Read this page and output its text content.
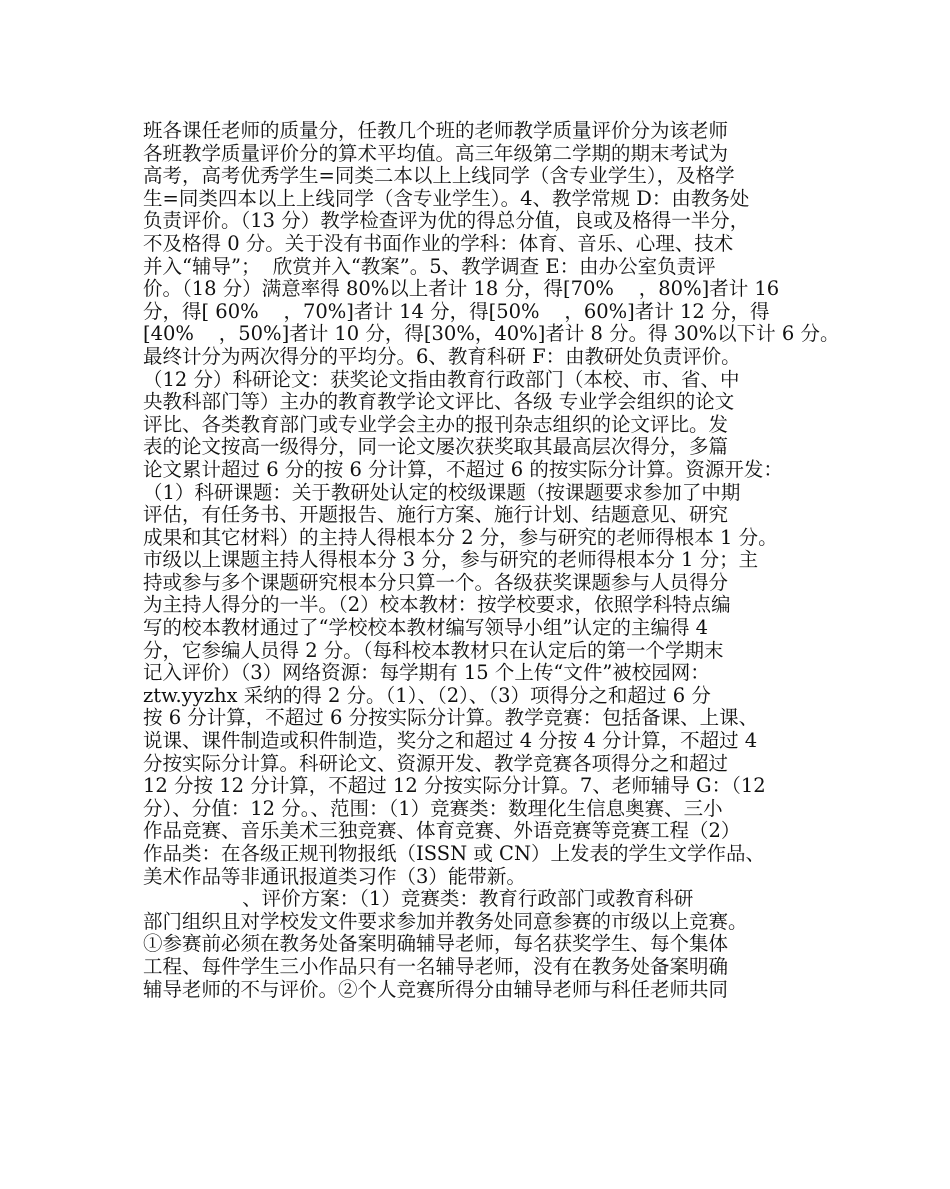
班各课任老师的质量分，任教几个班的老师教学质量评价分为该老师
各班教学质量评价分的算术平均值。高三年级第二学期的期末考试为
高考，高考优秀学生=同类二本以上上线同学（含专业学生），及格学
生=同类四本以上上线同学（含专业学生）。4、教学常规 D：由教务处
负责评价。（13 分）教学检查评为优的得总分值，良或及格得一半分，
不及格得 0 分。关于没有书面作业的学科：体育、音乐、心理、技术
并入“辅导”；  欣赏并入“教案”。5、教学调查 E：由办公室负责评
价。（18 分）满意率得 80%以上者计 18 分，得[70%    ，80%]者计 16
分，得[ 60%    ，70%]者计 14 分，得[50%    ，60%]者计 12 分，得
[40%    ，50%]者计 10 分，得[30%，40%]者计 8 分。得 30%以下计 6 分。
最终计分为两次得分的平均分。6、教育科研 F：由教研处负责评价。
（12 分）科研论文：获奖论文指由教育行政部门（本校、市、省、中
央教科部门等）主办的教育教学论文评比、各级 专业学会组织的论文
评比、各类教育部门或专业学会主办的报刊杂志组织的论文评比。发
表的论文按高一级得分，同一论文屡次获奖取其最高层次得分，多篇
论文累计超过 6 分的按 6 分计算，不超过 6 的按实际分计算。资源开发：
（1）科研课题：关于教研处认定的校级课题（按课题要求参加了中期
评估，有任务书、开题报告、施行方案、施行计划、结题意见、研究
成果和其它材料）的主持人得根本分 2 分，参与研究的老师得根本 1 分。
市级以上课题主持人得根本分 3 分，参与研究的老师得根本分 1 分；主
持或参与多个课题研究根本分只算一个。各级获奖课题参与人员得分
为主持人得分的一半。（2）校本教材：按学校要求，依照学科特点编
写的校本教材通过了“学校校本教材编写领导小组”认定的主编得 4
分，它参编人员得 2 分。（每科校本教材只在认定后的第一个学期末
记入评价）（3）网络资源：每学期有 15 个上传“文件”被校园网：
ztw.yyzhx 采纳的得 2 分。（1）、（2）、（3）项得分之和超过 6 分
按 6 分计算，不超过 6 分按实际分计算。教学竞赛：包括备课、上课、
说课、课件制造或积件制造，奖分之和超过 4 分按 4 分计算，不超过 4
分按实际分计算。科研论文、资源开发、教学竞赛各项得分之和超过
12 分按 12 分计算，不超过 12 分按实际分计算。7、老师辅导 G：（12
分）、分值：12 分。、范围：（1）竞赛类：数理化生信息奥赛、三小
作品竞赛、音乐美术三独竞赛、体育竞赛、外语竞赛等竞赛工程（2）
作品类：在各级正规刊物报纸（ISSN 或 CN）上发表的学生文学作品、
美术作品等非通讯报道类习作（3）能带新。
、评价方案：（1）竞赛类：教育行政部门或教育科研
部门组织且对学校发文件要求参加并教务处同意参赛的市级以上竞赛。
①参赛前必须在教务处备案明确辅导老师，每名获奖学生、每个集体
工程、每件学生三小作品只有一名辅导老师，没有在教务处备案明确
辅导老师的不与评价。②个人竞赛所得分由辅导老师与科任老师共同
